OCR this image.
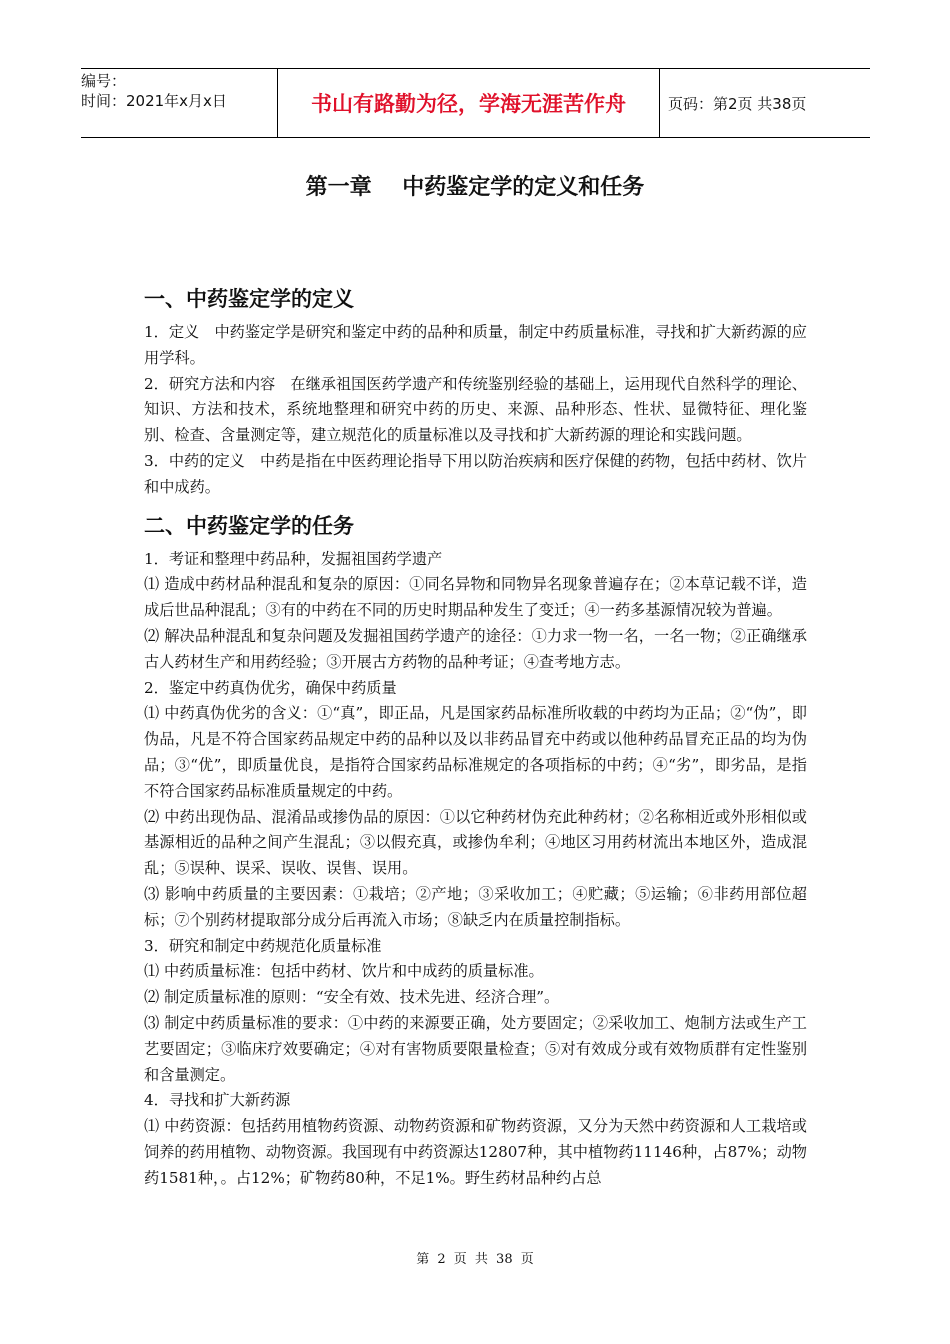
编号：
时间：2021年x月x日	书山有路勤为径，学海无涯苦作舟	页码：第2页 共38页
第一章    中药鉴定学的定义和任务
一、中药鉴定学的定义

1．定义　中药鉴定学是研究和鉴定中药的品种和质量，制定中药质量标准，寻找和扩大新药源的应用学科。

2．研究方法和内容　在继承祖国医药学遗产和传统鉴别经验的基础上，运用现代自然科学的理论、知识、方法和技术，系统地整理和研究中药的历史、来源、品种形态、性状、显微特征、理化鉴别、检查、含量测定等，建立规范化的质量标准以及寻找和扩大新药源的理论和实践问题。

3．中药的定义　中药是指在中医药理论指导下用以防治疾病和医疗保健的药物，包括中药材、饮片和中成药。

二、中药鉴定学的任务

1．考证和整理中药品种，发掘祖国药学遗产

⑴ 造成中药材品种混乱和复杂的原因：①同名异物和同物异名现象普遍存在；②本草记载不详，造成后世品种混乱；③有的中药在不同的历史时期品种发生了变迁；④一药多基源情况较为普遍。

⑵ 解决品种混乱和复杂问题及发掘祖国药学遗产的途径：①力求一物一名，一名一物；②正确继承古人药材生产和用药经验；③开展古方药物的品种考证；④查考地方志。

2．鉴定中药真伪优劣，确保中药质量

⑴ 中药真伪优劣的含义：①“真”，即正品，凡是国家药品标准所收载的中药均为正品；②“伪”，即伪品，凡是不符合国家药品规定中药的品种以及以非药品冒充中药或以他种药品冒充正品的均为伪品；③“优”，即质量优良，是指符合国家药品标准规定的各项指标的中药；④“劣”，即劣品，是指不符合国家药品标准质量规定的中药。

⑵ 中药出现伪品、混淆品或掺伪品的原因：①以它种药材伪充此种药材；②名称相近或外形相似或基源相近的品种之间产生混乱；③以假充真，或掺伪牟利；④地区习用药材流出本地区外，造成混乱；⑤误种、误采、误收、误售、误用。

⑶ 影响中药质量的主要因素：①栽培；②产地；③采收加工；④贮藏；⑤运输；⑥非药用部位超标；⑦个别药材提取部分成分后再流入市场；⑧缺乏内在质量控制指标。

3．研究和制定中药规范化质量标准

⑴ 中药质量标准：包括中药材、饮片和中成药的质量标准。

⑵ 制定质量标准的原则：“安全有效、技术先进、经济合理”。

⑶ 制定中药质量标准的要求：①中药的来源要正确，处方要固定；②采收加工、炮制方法或生产工艺要固定；③临床疗效要确定；④对有害物质要限量检查；⑤对有效成分或有效物质群有定性鉴别和含量测定。

4．寻找和扩大新药源

⑴ 中药资源：包括药用植物药资源、动物药资源和矿物药资源，又分为天然中药资源和人工栽培或饲养的药用植物、动物资源。我国现有中药资源达12807种，其中植物药11146种，占87%；动物药1581种，。占12%；矿物药80种，不足1%。野生药材品种约占总

第 2 页 共 38 页
